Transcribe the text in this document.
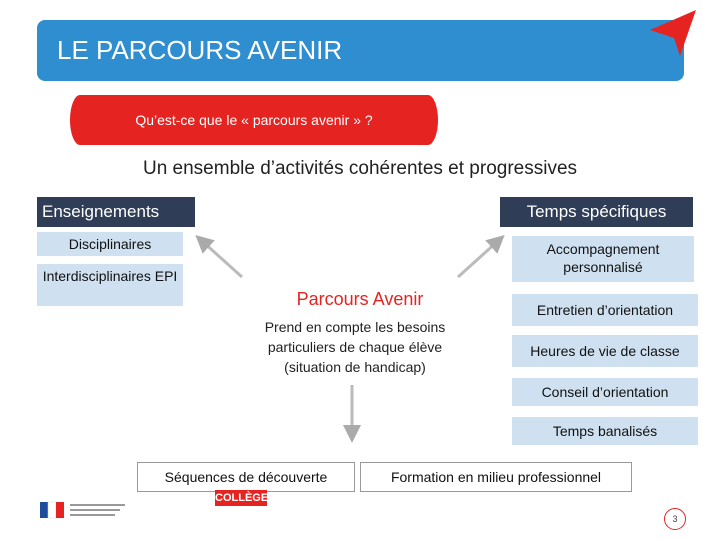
LE PARCOURS AVENIR
Qu’est-ce que le « parcours avenir » ?
Un ensemble d’activités cohérentes et progressives
Enseignements
Disciplinaires
Interdisciplinaires EPI
Temps spécifiques
Accompagnement personnalisé
Entretien d’orientation
Heures de vie de classe
Conseil d’orientation
Temps banalisés
Parcours Avenir
Prend en compte les besoins particuliers de chaque élève (situation de handicap)
Séquences de découverte	Formation en milieu professionnel
COLLÈGE
3
